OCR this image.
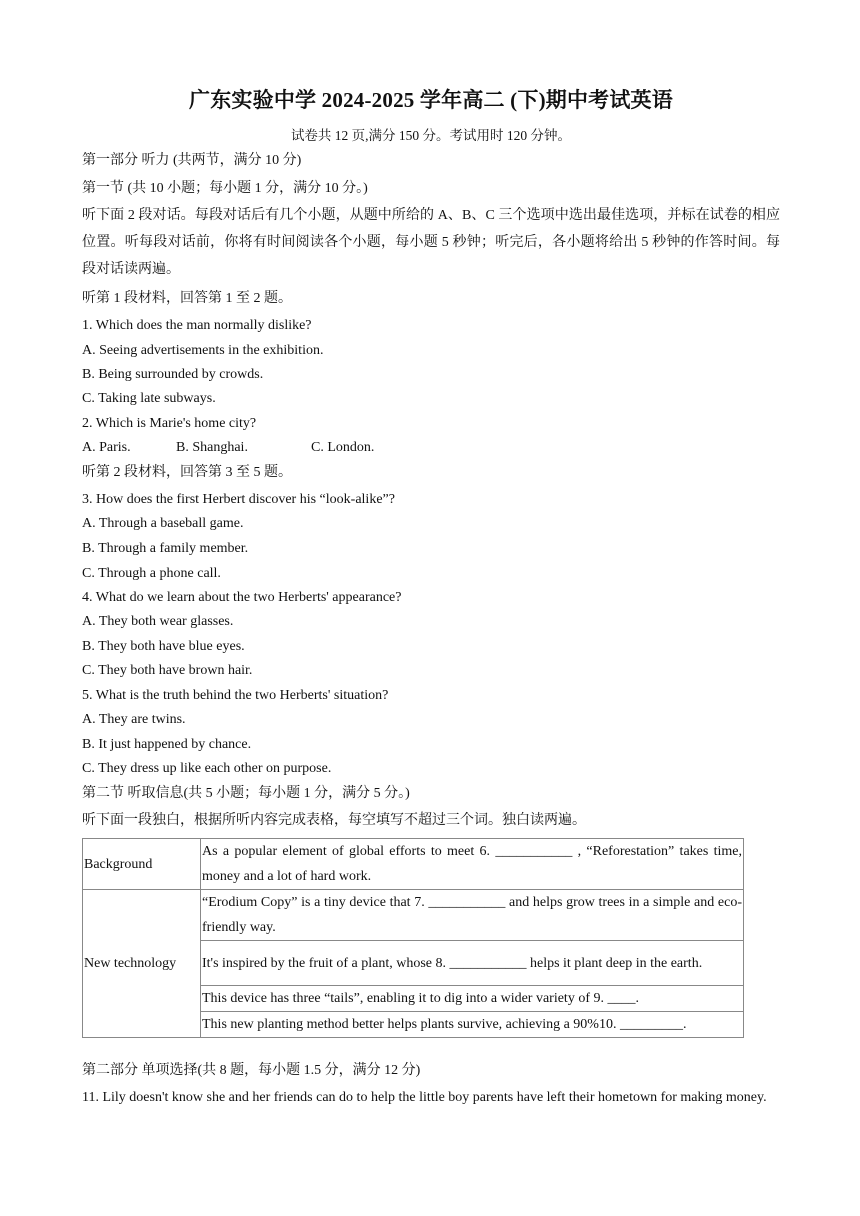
广东实验中学 2024-2025 学年高二 (下)期中考试英语
试卷共 12 页,满分 150 分。考试用时 120 分钟。
第一部分 听力 (共两节，满分 10 分)
第一节 (共 10 小题；每小题 1 分，满分 10 分。)
听下面 2 段对话。每段对话后有几个小题，从题中所给的 A、B、C 三个选项中选出最佳选项，并标在试卷的相应位置。听每段对话前，你将有时间阅读各个小题，每小题 5 秒钟；听完后，各小题将给出 5 秒钟的作答时间。每段对话读两遍。
听第 1 段材料，回答第 1 至 2 题。
1. Which does the man normally dislike?
A. Seeing advertisements in the exhibition.
B. Being surrounded by crowds.
C. Taking late subways.
2. Which is Marie's home city?
A. Paris.	B. Shanghai.	C. London.
听第 2 段材料，回答第 3 至 5 题。
3. How does the first Herbert discover his “look-alike”?
A. Through a baseball game.
B. Through a family member.
C. Through a phone call.
4. What do we learn about the two Herberts' appearance?
A. They both wear glasses.
B. They both have blue eyes.
C. They both have brown hair.
5. What is the truth behind the two Herberts' situation?
A. They are twins.
B. It just happened by chance.
C. They dress up like each other on purpose.
第二节 听取信息(共 5 小题；每小题 1 分，满分 5 分。)
听下面一段独白，根据所听内容完成表格，每空填写不超过三个词。独白读两遍。
Background	As a popular element of global efforts to meet 6. ___________ , “Reforestation” takes time, money and a lot of hard work.
New technology	“Erodium Copy” is a tiny device that 7. ___________ and helps grow trees in a simple and eco-friendly way.
	It's inspired by the fruit of a plant, whose 8. ___________ helps it plant deep in the earth.
	This device has three “tails”, enabling it to dig into a wider variety of 9. ____.
	This new planting method better helps plants survive, achieving a 90%10. _________.
第二部分 单项选择(共 8 题，每小题 1.5 分，满分 12 分)
11. Lily doesn't know she and her friends can do to help the little boy parents have left their hometown for making money.
